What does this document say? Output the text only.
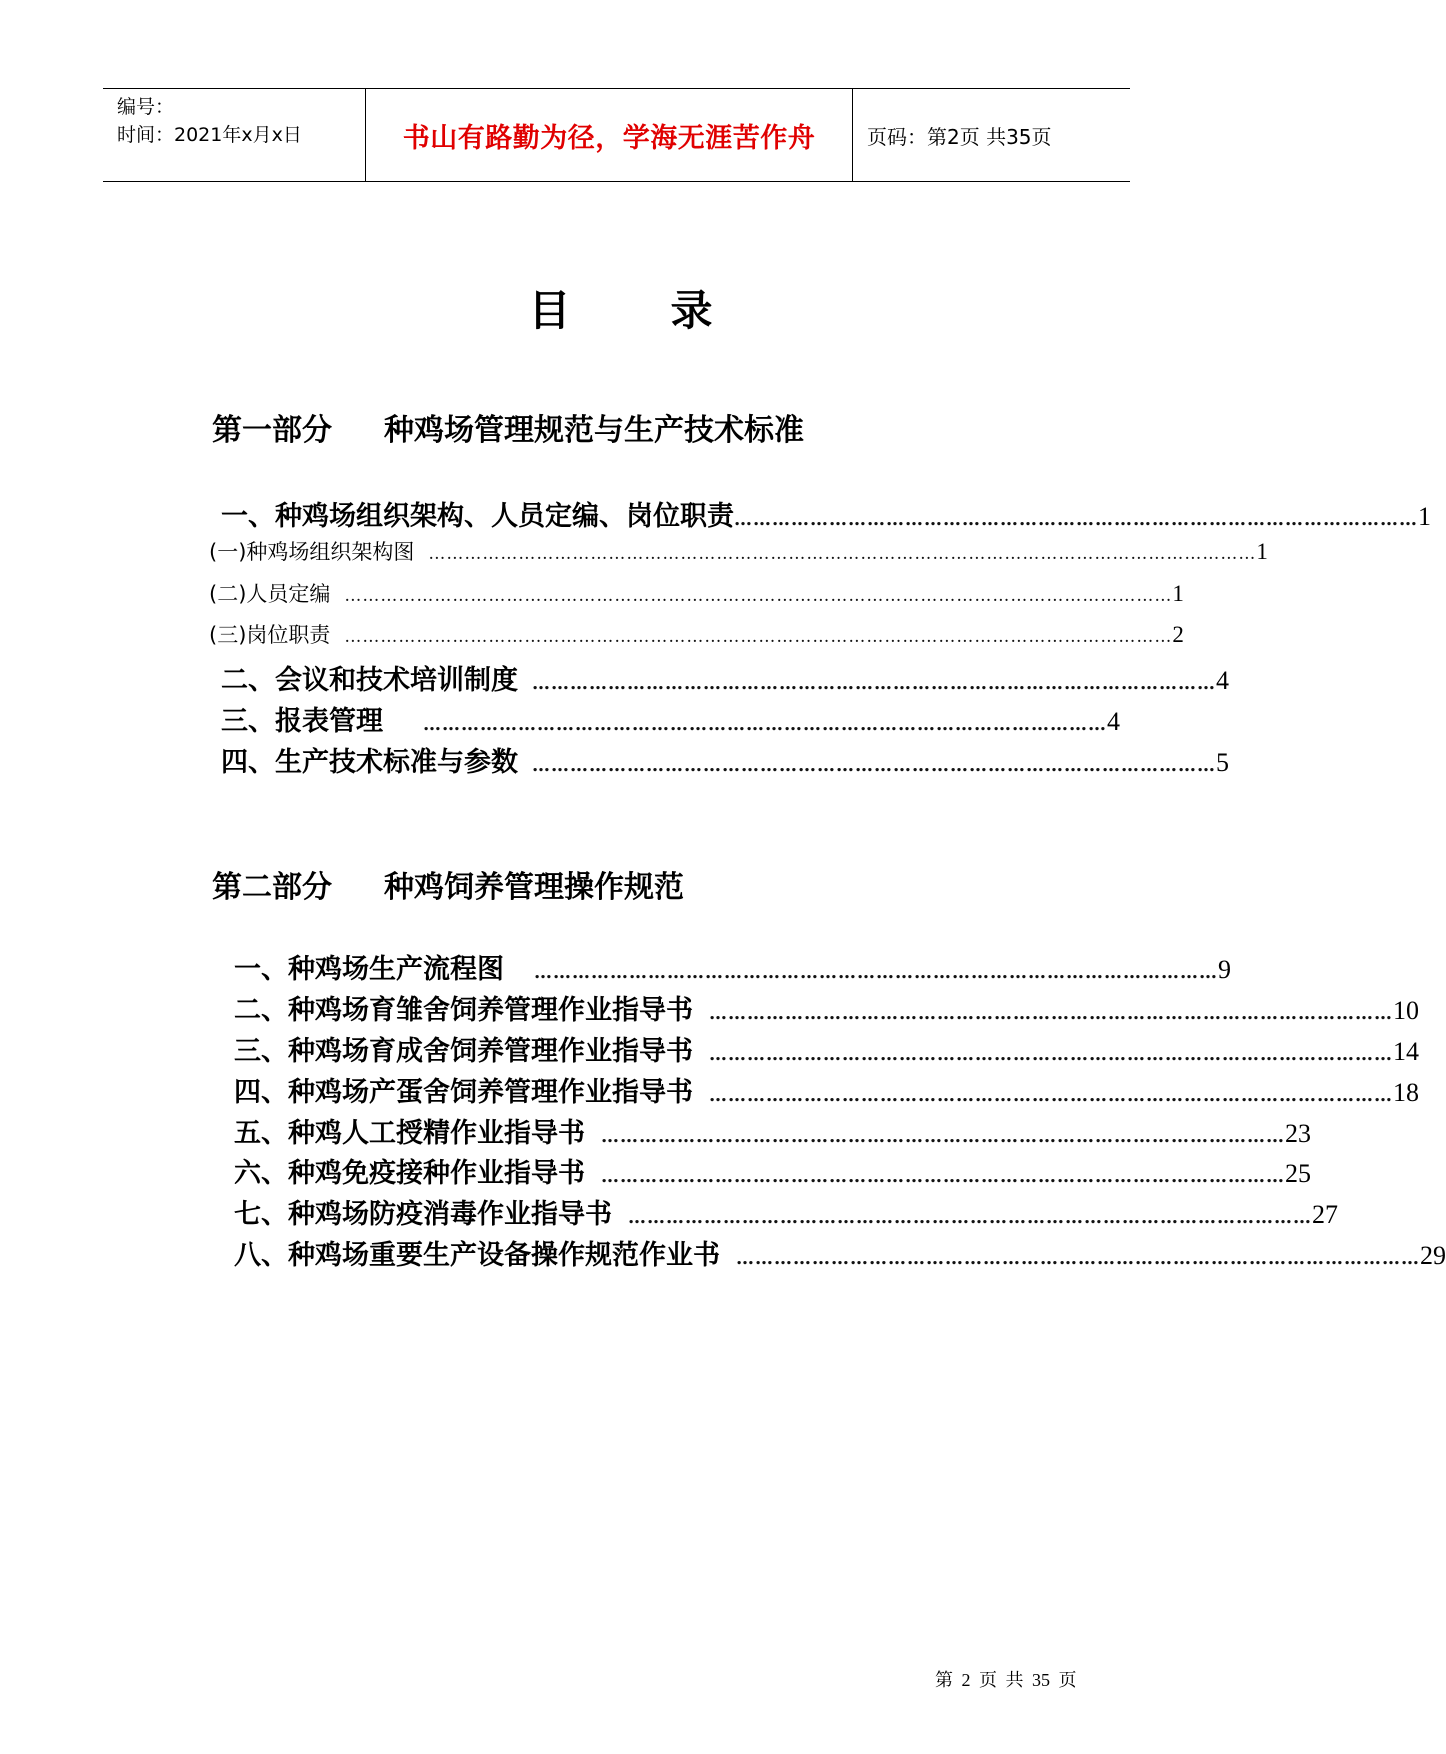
编号：
时间：2021年x月x日	书山有路勤为径，学海无涯苦作舟	页码：第2页 共35页
目录
第一部分 种鸡场管理规范与生产技术标准
一、种鸡场组织架构、人员定编、岗位职责 ……………………………………………………………………………………………… 1
(一)种鸡场组织架构图 ………………………………………………………………………………………………………………………… 1
(二)人员定编 ………………………………………………………………………………………………………………………… 1
(三)岗位职责 ………………………………………………………………………………………………………………………… 2
二、会议和技术培训制度 ……………………………………………………………………………………………… 4
三、报表管理 ……………………………………………………………………………………………… 4
四、生产技术标准与参数 ……………………………………………………………………………………………… 5
第二部分 种鸡饲养管理操作规范
一、种鸡场生产流程图 ……………………………………………………………………………………………… 9
二、种鸡场育雏舍饲养管理作业指导书 ……………………………………………………………………………………………… 10
三、种鸡场育成舍饲养管理作业指导书 ……………………………………………………………………………………………… 14
四、种鸡场产蛋舍饲养管理作业指导书 ……………………………………………………………………………………………… 18
五、种鸡人工授精作业指导书 ……………………………………………………………………………………………… 23
六、种鸡免疫接种作业指导书 ……………………………………………………………………………………………… 25
七、种鸡场防疫消毒作业指导书 ……………………………………………………………………………………………… 27
八、种鸡场重要生产设备操作规范作业书 ……………………………………………………………………………………………… 29
第 2 页 共 35 页
